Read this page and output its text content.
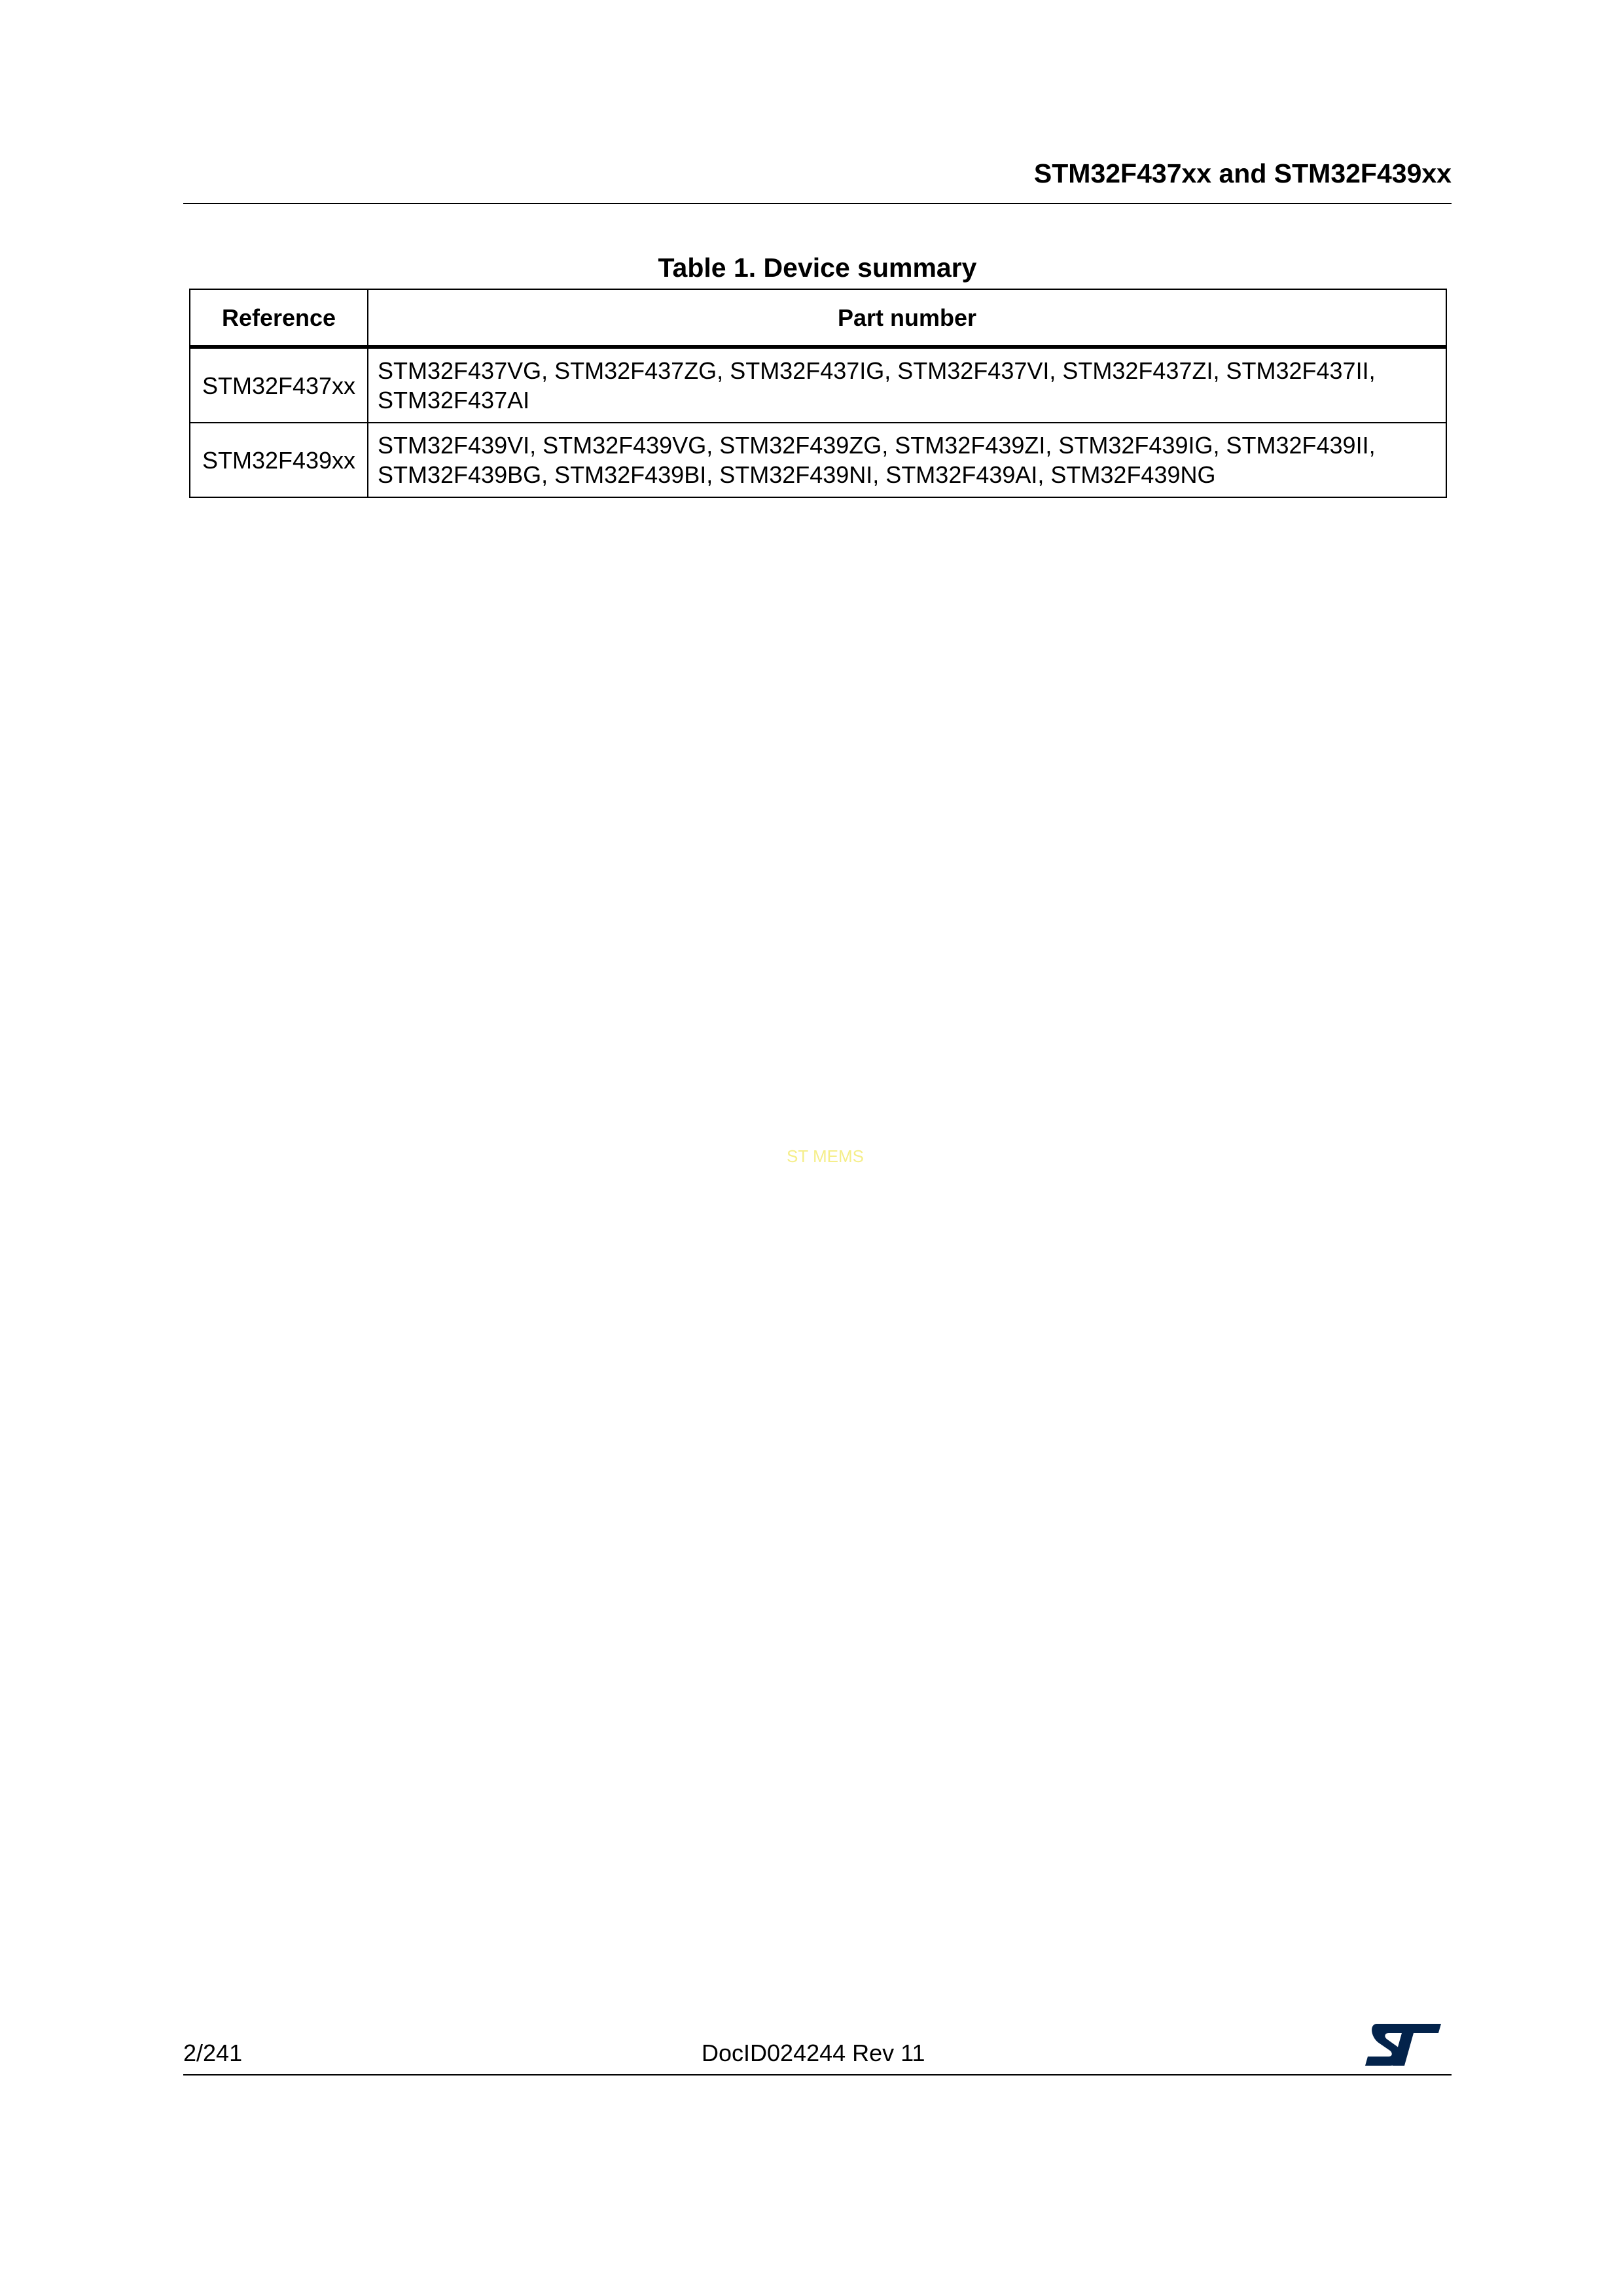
STM32F437xx and STM32F439xx
Table 1. Device summary
Reference	Part number
STM32F437xx	STM32F437VG, STM32F437ZG, STM32F437IG, STM32F437VI, STM32F437ZI, STM32F437II, STM32F437AI
STM32F439xx	STM32F439VI, STM32F439VG, STM32F439ZG, STM32F439ZI, STM32F439IG, STM32F439II, STM32F439BG, STM32F439BI, STM32F439NI, STM32F439AI, STM32F439NG
ST MEMS
2/241	DocID024244 Rev 11
